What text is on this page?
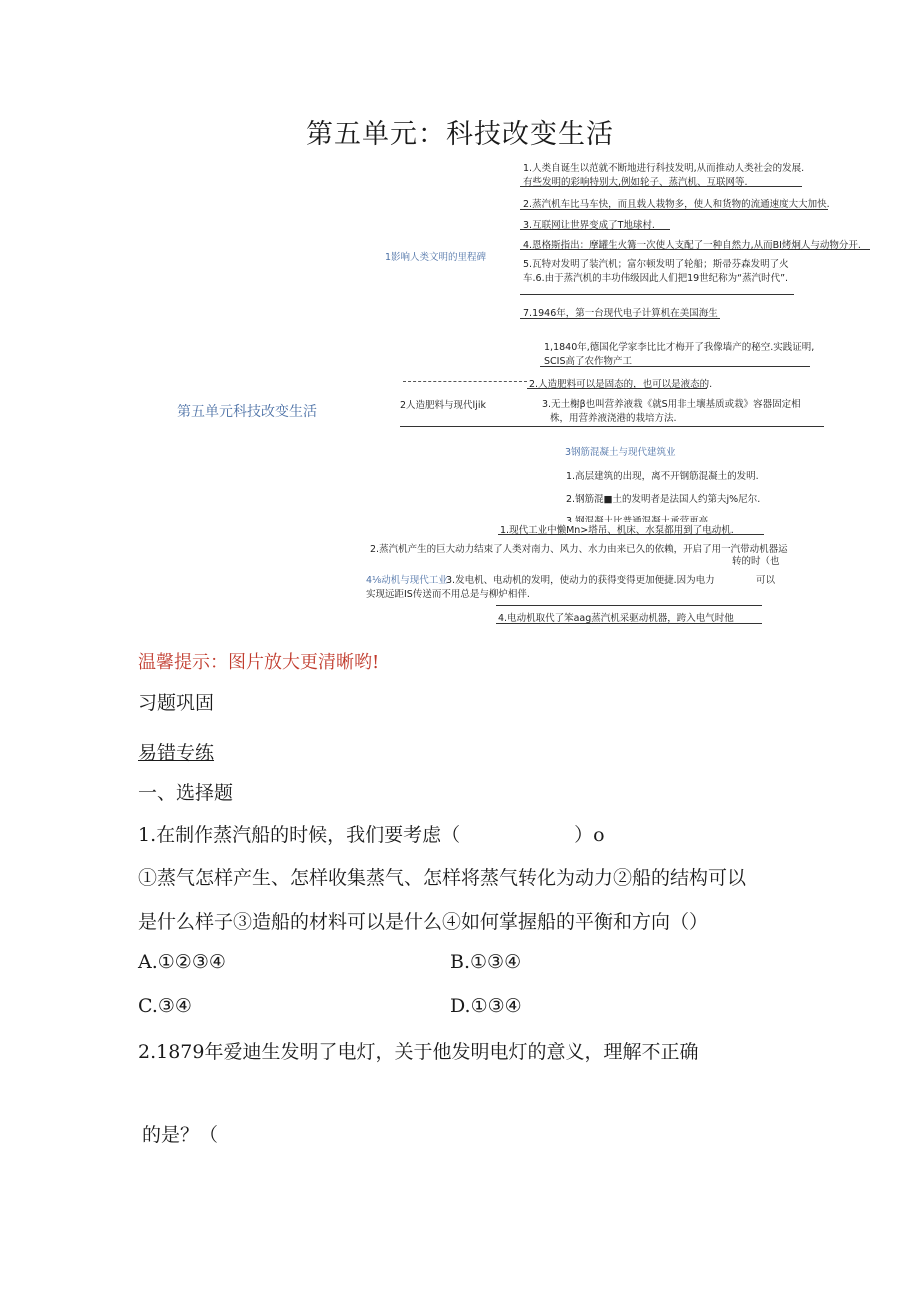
第五单元：科技改变生活
第五单元科技改变生活
1影响人类文明的里程碑
1.人类自诞生以范就不断地进行科技发明,从而推动人类社会的发展.
有些发明的彩响特别大,例如轮子、蒸汽机、互联网等.
2.蒸汽机车比马车快，而且载人栽物多，使人和货物的流通速度大大加快.
3.互联网让世界变成了T地球村.
4.恩格斯指出：摩罐生火篝一次使人支配了一种自然力,从而BI烤炯人与动物分开.
5.瓦特对发明了装汽机；富尔顿发明了轮船；斯帚芬森发明了火
车.6.由于蒸汽机的丰功伟级因此人们把19世纪称为“蒸汽时代”.
7.1946年，第一台现代电子计算机在美国海生
2人造肥料与现代ljik
1,1840年,德国化学家李比比才梅开了我像墙产的秘空.实践证明,
SCIS高了农作物产工
2.人造肥料可以是固态的，也可以是液态的.
3.无土榭β也叫营养液栽《就S用非土壤基质或栽》容器固定相
株，用营养液浇港的栽培方法.
3钢筋混凝土与现代建筑业
1.高层建筑的出现，离不开钢筋混凝土的发明.
2.钢筋混■土的发明者是法国人约第夫j%尼尔.
1.现代工业中懒Mn>塔吊、机床、水泵都用到了电动机.
2.蒸汽机产生的巨大动力结束了人类对南力、风力、水力由来已久的依赖，开启了用一汽带动机器运
转的时（也
4⅛动机与现代工业
3.发电机、电动机的发明，使动力的获得变得更加便捷.因为电力	可以
实现远距IS传送而不用总是与柳炉相伴.
4.电动机取代了笨aag蒸汽机采驱动机器，跨入电气时他
温馨提示：图片放大更清晰哟!
习题巩固
易错专练
一、选择题
1.在制作蒸汽船的时候，我们要考虑（　　　　　　）o
①蒸气怎样产生、怎样收集蒸气、怎样将蒸气转化为动力②船的结构可以
是什么样子③造船的材料可以是什么④如何掌握船的平衡和方向（）
A.①②③④	B.①③④
C.③④	D.①③④
2.1879年爱迪生发明了电灯，关于他发明电灯的意义，理解不正确
的是？（
